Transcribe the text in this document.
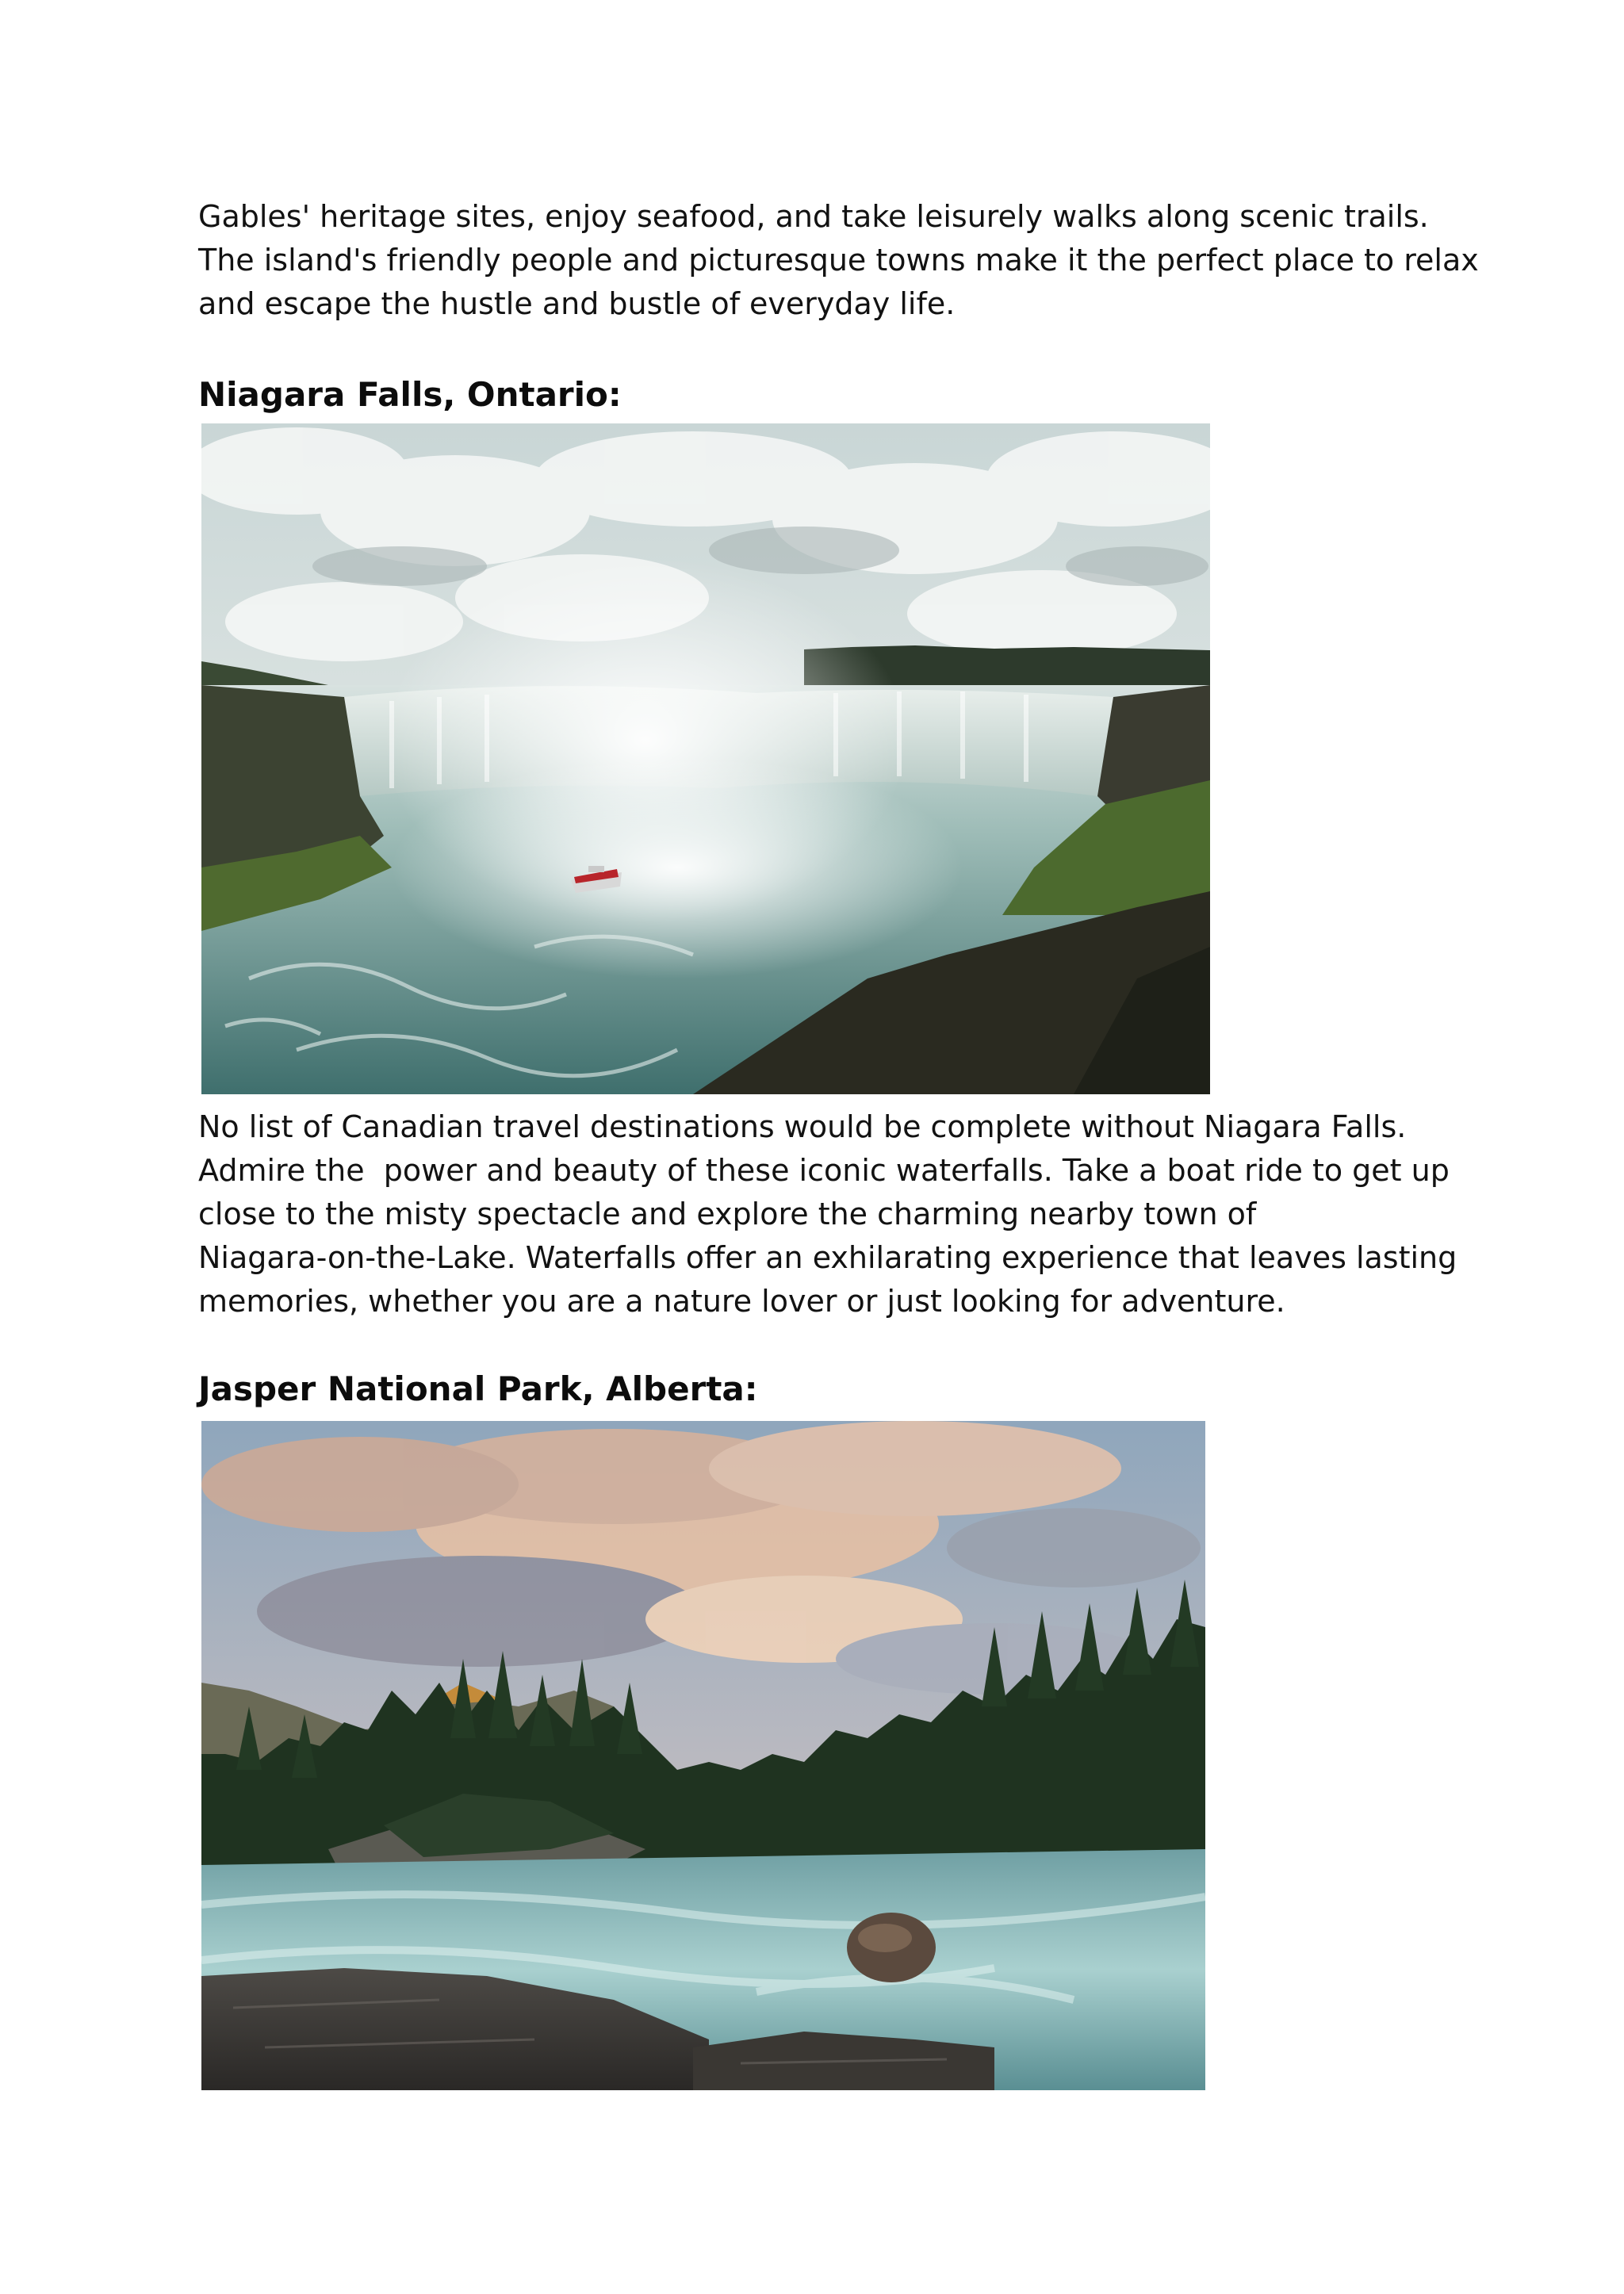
Gables' heritage sites, enjoy seafood, and take leisurely walks along scenic trails.
The island's friendly people and picturesque towns make it the perfect place to relax
and escape the hustle and bustle of everyday life.
Niagara Falls, Ontario:
No list of Canadian travel destinations would be complete without Niagara Falls.
Admire the  power and beauty of these iconic waterfalls. Take a boat ride to get up
close to the misty spectacle and explore the charming nearby town of
Niagara-on-the-Lake. Waterfalls offer an exhilarating experience that leaves lasting
memories, whether you are a nature lover or just looking for adventure.
Jasper National Park, Alberta:
